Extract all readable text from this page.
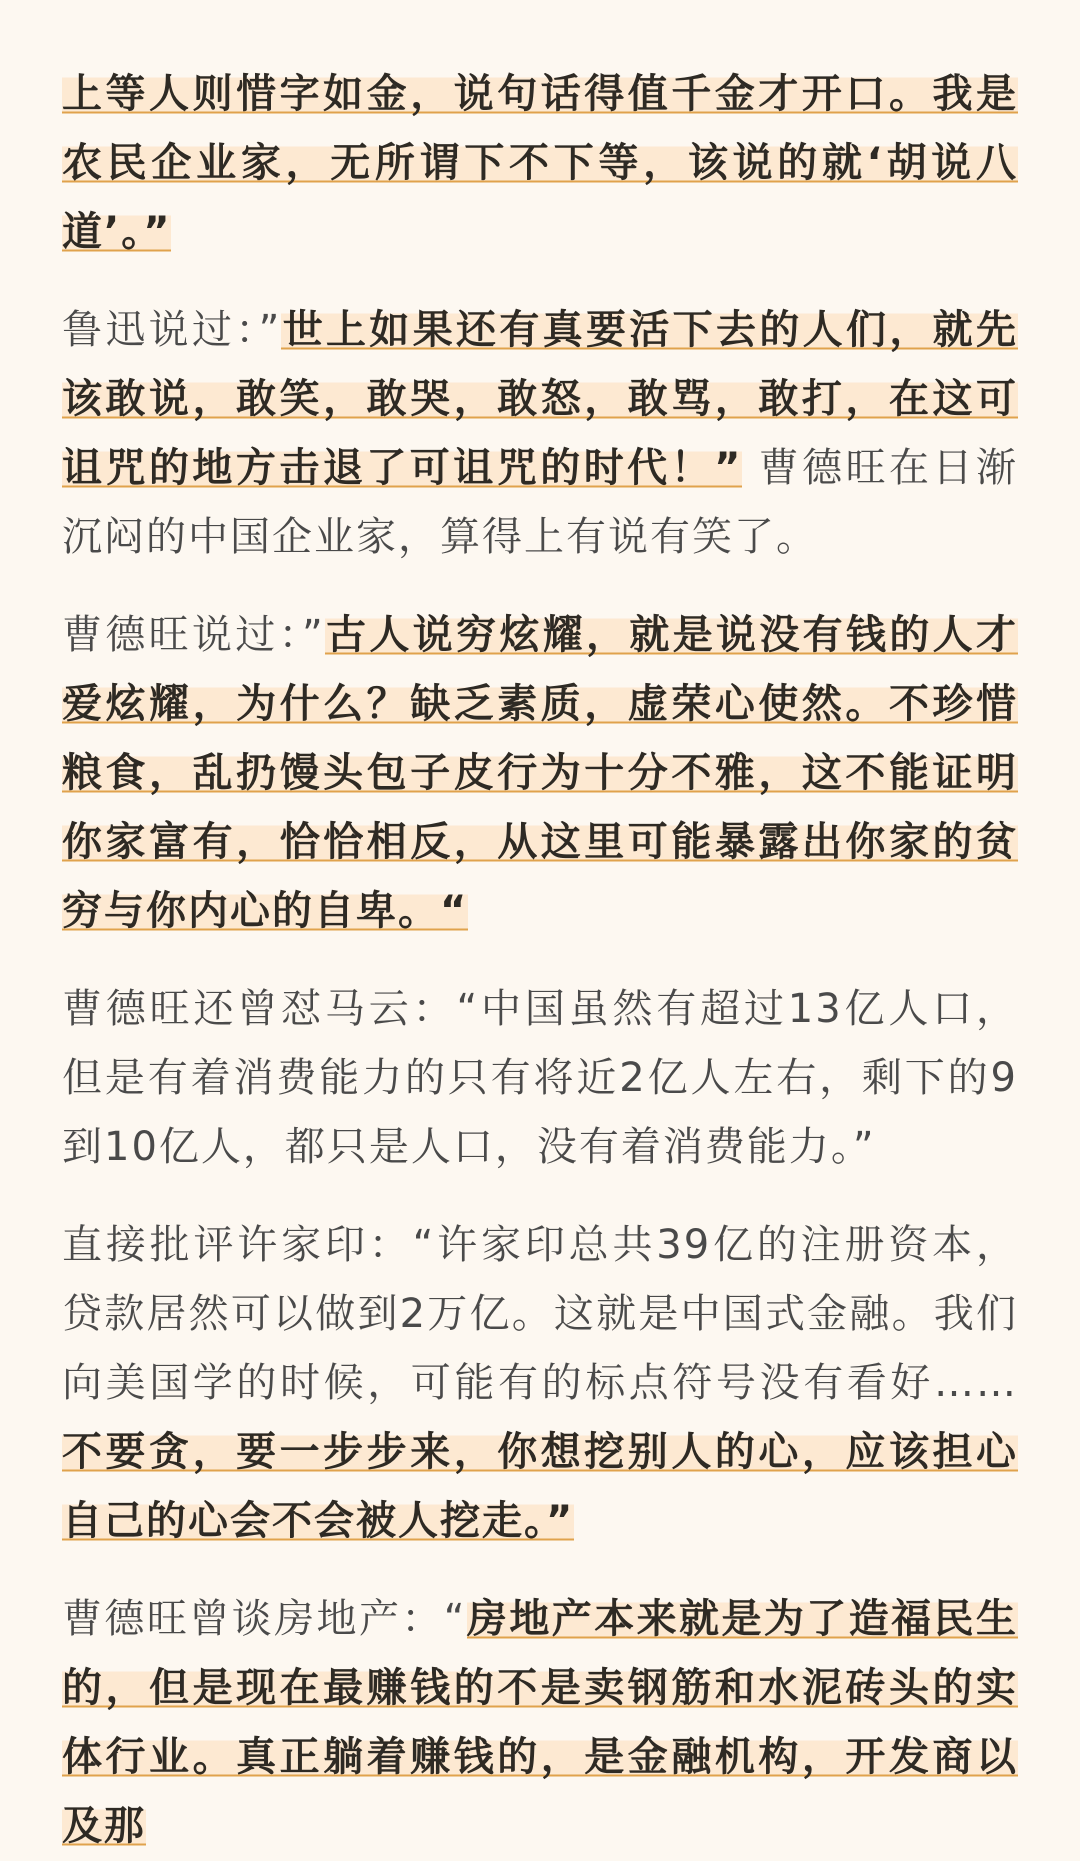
上等人则惜字如金，说句话得值千金才开口。我是农民企业家，无所谓下不下等，该说的就‘胡说八道’。”

鲁迅说过：”世上如果还有真要活下去的人们，就先该敢说，敢笑，敢哭，敢怒，敢骂，敢打，在这可诅咒的地方击退了可诅咒的时代！” 曹德旺在日渐沉闷的中国企业家，算得上有说有笑了。

曹德旺说过：”古人说穷炫耀，就是说没有钱的人才爱炫耀，为什么？缺乏素质，虚荣心使然。不珍惜粮食，乱扔馒头包子皮行为十分不雅，这不能证明你家富有，恰恰相反，从这里可能暴露出你家的贫穷与你内心的自卑。“

曹德旺还曾怼马云：“中国虽然有超过13亿人口，但是有着消费能力的只有将近2亿人左右，剩下的9到10亿人，都只是人口，没有着消费能力。”

直接批评许家印：“许家印总共39亿的注册资本，贷款居然可以做到2万亿。这就是中国式金融。我们向美国学的时候，可能有的标点符号没有看好……不要贪，要一步步来，你想挖别人的心，应该担心自己的心会不会被人挖走。”

曹德旺曾谈房地产：“房地产本来就是为了造福民生的，但是现在最赚钱的不是卖钢筋和水泥砖头的实体行业。真正躺着赚钱的，是金融机构，开发商以及那
